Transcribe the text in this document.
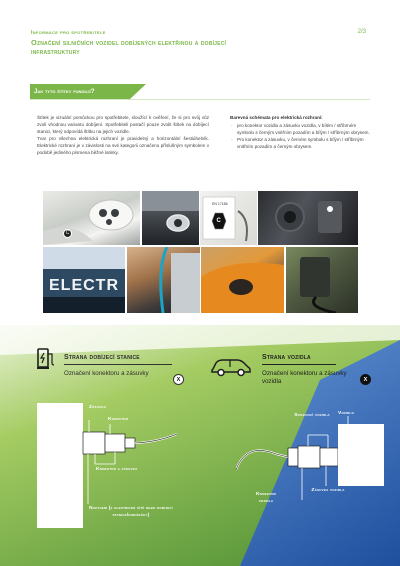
Informace pro spotřebitele	2/3
Označení silničních vozidel dobíjených elektřinou a dobíjecí infrastruktury
Jak tyto štítky fungují?

Štítek je vizuální pomůckou pro spotřebitele, sloužící k ověření, že si pro svůj vůz zvolí vhodnou variantu dobíjení. Spotřebiteli postačí pouze zvolit štítek na dobíjecí stanici, který odpovídá štítku na jejich vozidle.

Tvar pro všechna elektrická rozhraní je pravidelný a horizontální šestiúhelník. Elektrické rozhraní je v závislosti na své kategorii označeno příslušným symbolem v podobě jediného písmena běžné latinky.

Barevná schémata pro elektrická rozhraní:
- pro konektor vozidla a zásuvku vozidla, v bílém / stříbrném symbolu s černým vnitřním pozadím a bílým / stříbrným obrysem.
- Pro konektor a zásuvku, v černém symbolu s bílým / stříbrným vnitřním pozadím a černým obrysem.
C
EN 17186
C
ELECTR
Strana dobíjecí stanice
Označení konektoru a zásuvky
X
Zásuvka
Konektor
Konektor a zásuvka
Napájení (z elektrické sítě nebo dobíjecí stanice/dobíječky)
Strana vozidla
Označení konektoru a zásuvky vozidla	X
Spojovač vozidla Vozidlo
Konektor vozidla
Zásuvka vozidla
